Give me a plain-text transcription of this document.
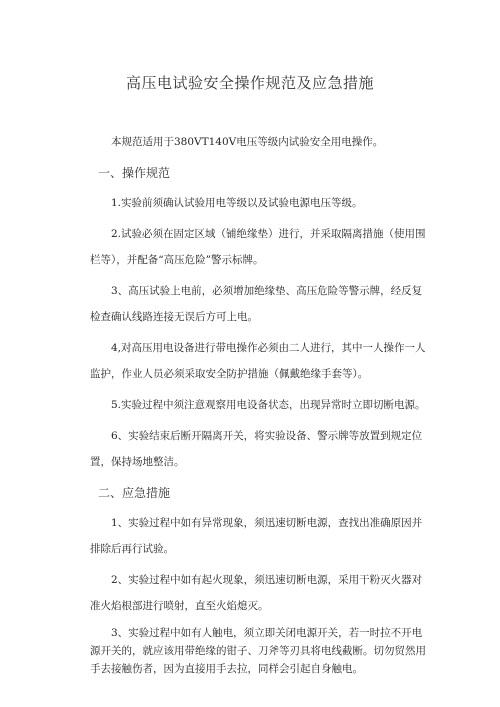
高压电试验安全操作规范及应急措施

本规范适用于380VT140V电压等级内试验安全用电操作。

一、操作规范

1.实验前须确认试验用电等级以及试验电源电压等级。

2.试验必须在固定区域（铺绝缘垫）进行，并采取隔离措施（使用围栏等），并配备“高压危险”警示标牌。

3、高压试验上电前，必须增加绝缘垫、高压危险等警示牌，经反复检查确认线路连接无误后方可上电。

4,对高压用电设备进行带电操作必须由二人进行，其中一人操作一人监护，作业人员必须采取安全防护措施（佩戴绝缘手套等）。

5.实验过程中须注意观察用电设备状态，出现异常时立即切断电源。

6、实验结束后断开隔离开关，将实验设备、警示牌等放置到规定位置，保持场地整洁。

二、应急措施

1、实验过程中如有异常现象，须迅速切断电源，查找出准确原因并排除后再行试验。

2、实验过程中如有起火现象，须迅速切断电源，采用干粉灭火器对准火焰根部进行喷射，直至火焰熄灭。

3、实验过程中如有人触电，须立即关闭电源开关，若一时拉不开电源开关的，就应该用带绝缘的钳子、刀斧等刃具将电线截断。切勿贸然用手去接触伤者，因为直接用手去拉，同样会引起自身触电。
